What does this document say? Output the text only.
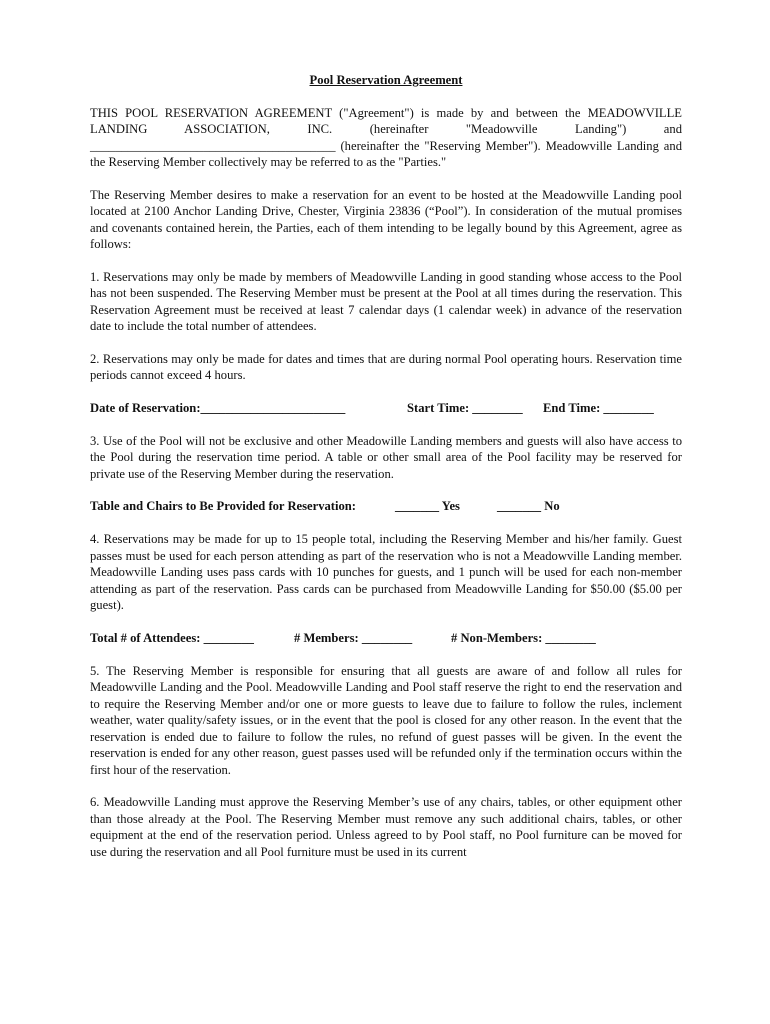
Pool Reservation Agreement
THIS POOL RESERVATION AGREEMENT ("Agreement") is made by and between the MEADOWVILLE LANDING ASSOCIATION, INC. (hereinafter "Meadowville Landing") and _______________________________________ (hereinafter the "Reserving Member"). Meadowville Landing and the Reserving Member collectively may be referred to as the "Parties."
The Reserving Member desires to make a reservation for an event to be hosted at the Meadowville Landing pool located at 2100 Anchor Landing Drive, Chester, Virginia 23836 (“Pool”). In consideration of the mutual promises and covenants contained herein, the Parties, each of them intending to be legally bound by this Agreement, agree as follows:
1. Reservations may only be made by members of Meadowville Landing in good standing whose access to the Pool has not been suspended. The Reserving Member must be present at the Pool at all times during the reservation. This Reservation Agreement must be received at least 7 calendar days (1 calendar week) in advance of the reservation date to include the total number of attendees.
2. Reservations may only be made for dates and times that are during normal Pool operating hours. Reservation time periods cannot exceed 4 hours.
Date of Reservation:_______________________	Start Time: ________ End Time: ________
3. Use of the Pool will not be exclusive and other Meadowille Landing members and guests will also have access to the Pool during the reservation time period. A table or other small area of the Pool facility may be reserved for private use of the Reserving Member during the reservation.
Table and Chairs to Be Provided for Reservation:	_______ Yes	_______ No
4. Reservations may be made for up to 15 people total, including the Reserving Member and his/her family. Guest passes must be used for each person attending as part of the reservation who is not a Meadowville Landing member. Meadowville Landing uses pass cards with 10 punches for guests, and 1 punch will be used for each non-member attending as part of the reservation. Pass cards can be purchased from Meadowville Landing for $50.00 ($5.00 per guest).
Total # of Attendees: ________	# Members: ________	# Non-Members: ________
5. The Reserving Member is responsible for ensuring that all guests are aware of and follow all rules for Meadowville Landing and the Pool. Meadowville Landing and Pool staff reserve the right to end the reservation and to require the Reserving Member and/or one or more guests to leave due to failure to follow the rules, inclement weather, water quality/safety issues, or in the event that the pool is closed for any other reason. In the event that the reservation is ended due to failure to follow the rules, no refund of guest passes will be given. In the event the reservation is ended for any other reason, guest passes used will be refunded only if the termination occurs within the first hour of the reservation.
6. Meadowville Landing must approve the Reserving Member’s use of any chairs, tables, or other equipment other than those already at the Pool. The Reserving Member must remove any such additional chairs, tables, or other equipment at the end of the reservation period. Unless agreed to by Pool staff, no Pool furniture can be moved for use during the reservation and all Pool furniture must be used in its current
